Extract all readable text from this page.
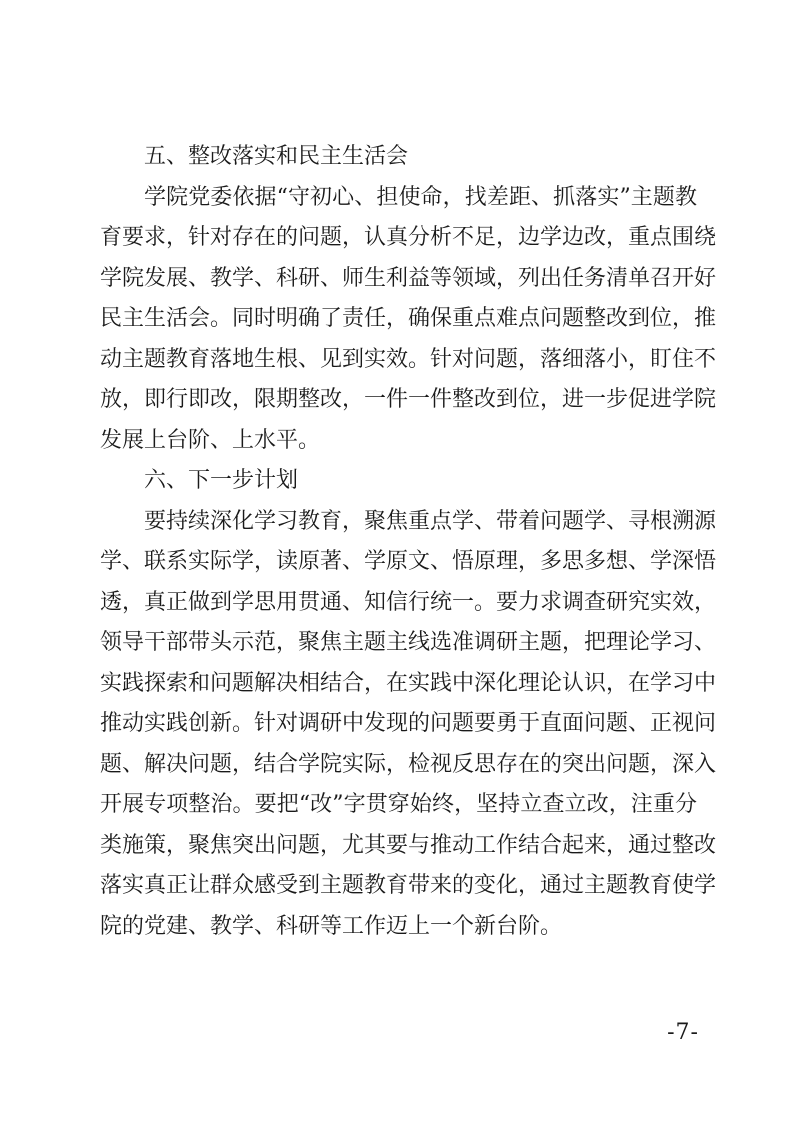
五、整改落实和民主生活会
学院党委依据“守初心、担使命，找差距、抓落实”主题教
育要求，针对存在的问题，认真分析不足，边学边改，重点围绕
学院发展、教学、科研、师生利益等领域，列出任务清单召开好
民主生活会。同时明确了责任，确保重点难点问题整改到位，推
动主题教育落地生根、见到实效。针对问题，落细落小，盯住不
放，即行即改，限期整改，一件一件整改到位，进一步促进学院
发展上台阶、上水平。
六、下一步计划
要持续深化学习教育，聚焦重点学、带着问题学、寻根溯源
学、联系实际学，读原著、学原文、悟原理，多思多想、学深悟
透，真正做到学思用贯通、知信行统一。要力求调查研究实效，
领导干部带头示范，聚焦主题主线选准调研主题，把理论学习、
实践探索和问题解决相结合，在实践中深化理论认识，在学习中
推动实践创新。针对调研中发现的问题要勇于直面问题、正视问
题、解决问题，结合学院实际，检视反思存在的突出问题，深入
开展专项整治。要把“改”字贯穿始终，坚持立查立改，注重分
类施策，聚焦突出问题，尤其要与推动工作结合起来，通过整改
落实真正让群众感受到主题教育带来的变化，通过主题教育使学
院的党建、教学、科研等工作迈上一个新台阶。
-7-
